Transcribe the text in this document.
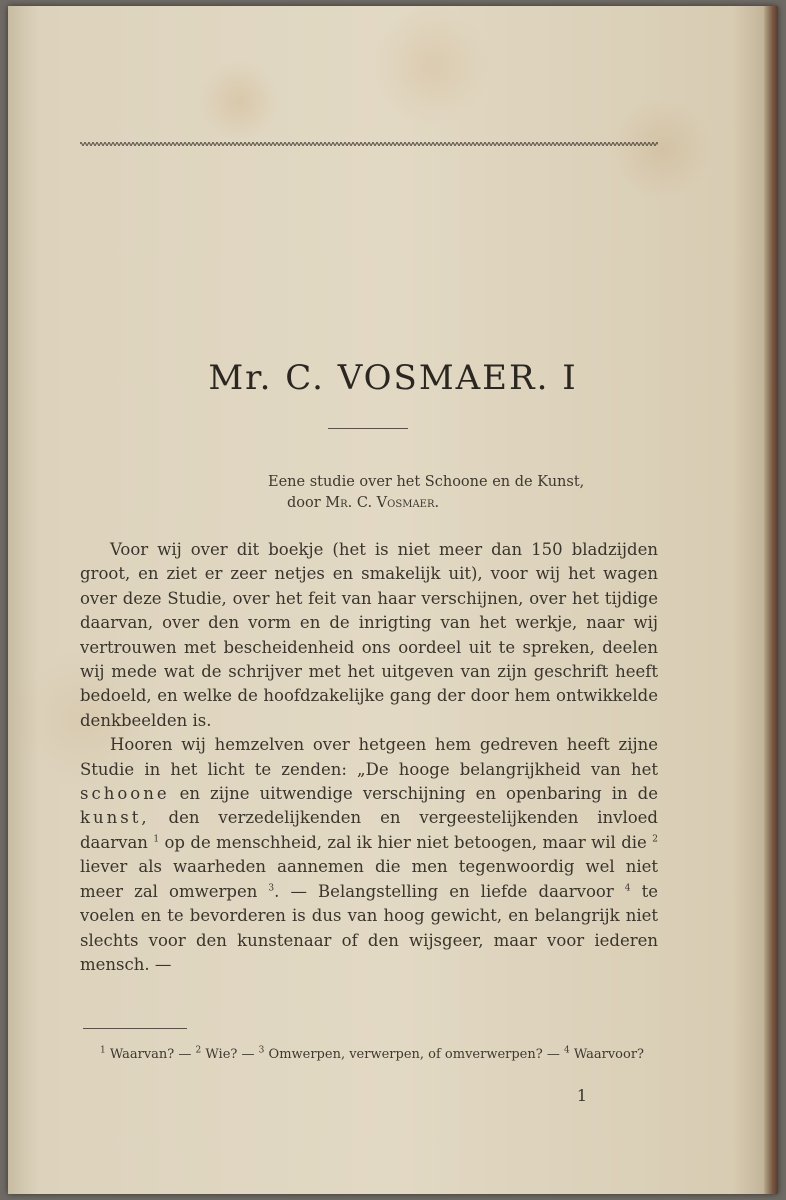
Mr. C. VOSMAER. I
Eene studie over het Schoone en de Kunst,
door Mr. C. Vosmaer.

Voor wij over dit boekje (het is niet meer dan 150 bladzijden groot, en ziet er zeer netjes en smakelijk uit), voor wij het wagen over deze Studie, over het feit van haar verschijnen, over het tijdige daarvan, over den vorm en de inrigting van het werkje, naar wij vertrouwen met bescheidenheid ons oordeel uit te spreken, deelen wij mede wat de schrijver met het uitgeven van zijn geschrift heeft bedoeld, en welke de hoofdzakelijke gang der door hem ontwikkelde denkbeelden is.

Hooren wij hemzelven over hetgeen hem gedreven heeft zijne Studie in het licht te zenden: „De hooge belangrijkheid van het schoone en zijne uitwendige verschijning en openbaring in de kunst, den verzedelijkenden en vergeestelijkenden invloed daarvan $^1$ op de menschheid, zal ik hier niet betoogen, maar wil die $^2$ liever als waarheden aannemen die men tegenwoordig wel niet meer zal omwerpen $^3$. — Belangstelling en liefde daarvoor $^4$ te voelen en te bevorderen is dus van hoog gewicht, en belangrijk niet slechts voor den kunstenaar of den wijsgeer, maar voor iederen mensch. —

$^1$ Waarvan? — $^2$ Wie? — $^3$ Omwerpen, verwerpen, of omverwerpen? — $^4$ Waarvoor?
1
